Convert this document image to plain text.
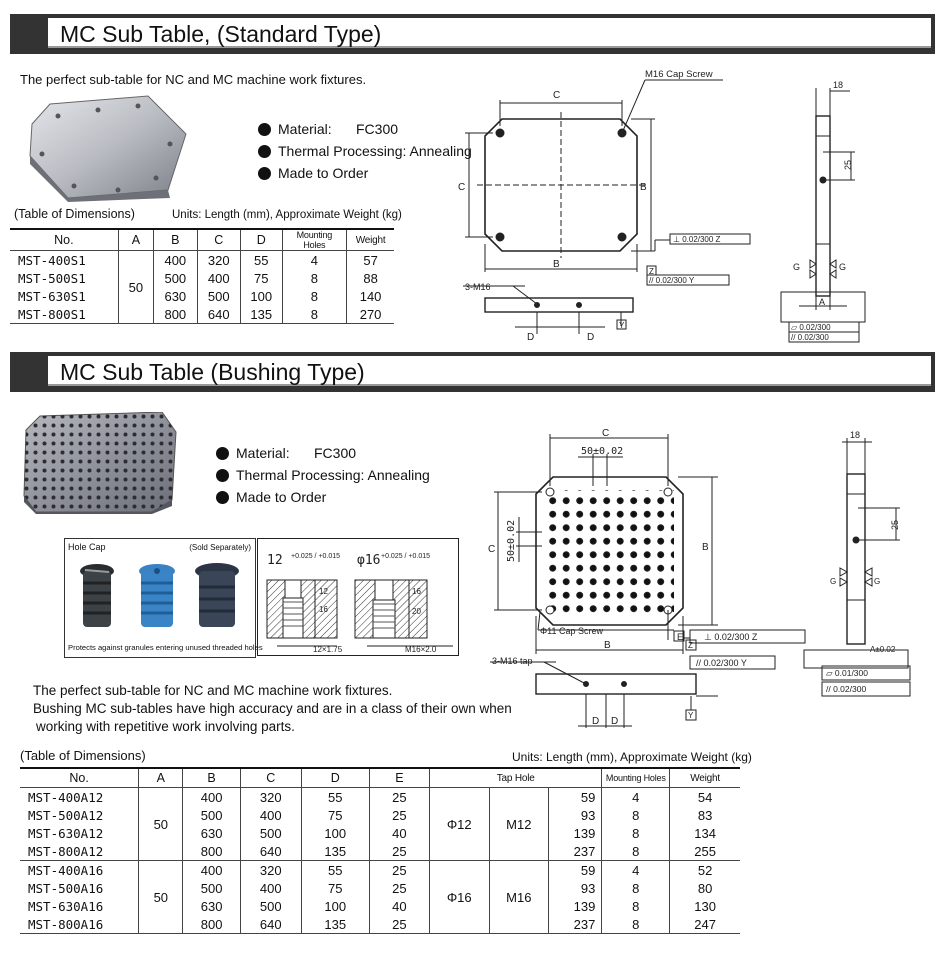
MC Sub Table, (Standard Type)
The perfect sub-table for NC and MC machine work fixtures.
Material:	FC300
Thermal Processing: Annealing
Made to Order
(Table of Dimensions)	Units: Length (mm), Approximate Weight (kg)
No.	A	B	C	D	Mounting Holes	Weight
MST-400S1	50	400	320	55	4	57
MST-500S1		500	400	75	8	88
MST-630S1		630	500	100	8	140
MST-800S1		800	640	135	8	270
C
C
B
B
M16 Cap Screw
⊥ 0.02/300 Z
Z
// 0.02/300 Y
3-M16
D	D
Y
18
25
G	G
A
▱ 0.02/300
// 0.02/300
MC Sub Table (Bushing Type)
Material:	FC300
Thermal Processing: Annealing
Made to Order
Hole Cap	(Sold Separately)
Protects against granules entering unused threaded holes
12 +0.025 / +0.015 φ16 +0.025 / +0.015
16
12
12×1.75
20
16
M16×2.0
The perfect sub-table for NC and MC machine work fixtures.
Bushing MC sub-tables have high accuracy and are in a class of their own when
working with repetitive work involving parts.
C
50±0.02
C 50±0.02	B
B
E
Φ11 Cap Screw
Z
⊥ 0.02/300 Z
// 0.02/300 Y
3-M16 tap
D D
Y
18
25
G	G
A±0.02
▱ 0.01/300
// 0.02/300
(Table of Dimensions)	Units: Length (mm), Approximate Weight (kg)
No.	A	B	C	D	E	Tap Hole			Mounting Holes	Weight
MST-400A12	50	400	320	55	25	Φ12	M12	59	4	54
MST-500A12		500	400	75	25			93	8	83
MST-630A12		630	500	100	40			139	8	134
MST-800A12		800	640	135	25			237	8	255
MST-400A16	50	400	320	55	25	Φ16	M16	59	4	52
MST-500A16		500	400	75	25			93	8	80
MST-630A16		630	500	100	40			139	8	130
MST-800A16		800	640	135	25			237	8	247
